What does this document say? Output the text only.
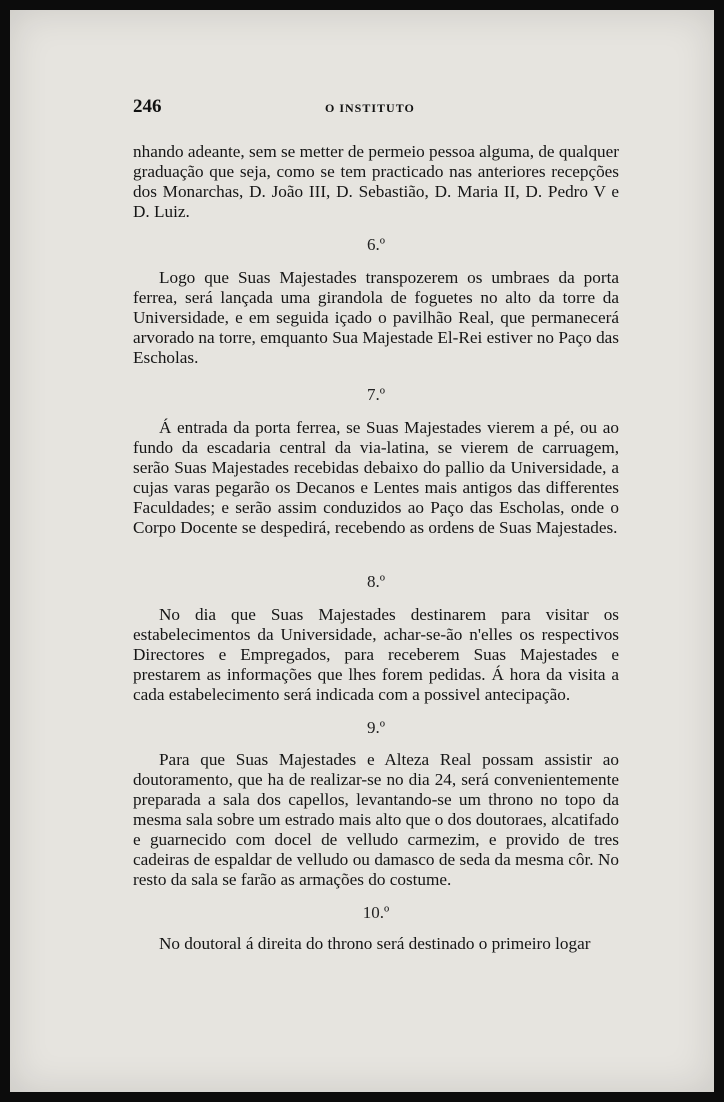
246	O INSTITUTO

nhando adeante, sem se metter de permeio pessoa alguma, de qualquer graduação que seja, como se tem practicado nas anteriores recepções dos Monarchas, D. João III, D. Sebastião, D. Maria II, D. Pedro V e D. Luiz.

6.º

Logo que Suas Majestades transpozerem os umbraes da porta ferrea, será lançada uma girandola de foguetes no alto da torre da Universidade, e em seguida içado o pavilhão Real, que permanecerá arvorado na torre, emquanto Sua Majestade El-Rei estiver no Paço das Escholas.

7.º

Á entrada da porta ferrea, se Suas Majestades vierem a pé, ou ao fundo da escadaria central da via-latina, se vierem de carruagem, serão Suas Majestades recebidas debaixo do pallio da Universidade, a cujas varas pegarão os Decanos e Lentes mais antigos das differentes Faculdades; e serão assim conduzidos ao Paço das Escholas, onde o Corpo Docente se despedirá, recebendo as ordens de Suas Majestades.

8.º

No dia que Suas Majestades destinarem para visitar os estabelecimentos da Universidade, achar-se-ão n'elles os respectivos Directores e Empregados, para receberem Suas Majestades e prestarem as informações que lhes forem pedidas. Á hora da visita a cada estabelecimento será indicada com a possivel antecipação.

9.º

Para que Suas Majestades e Alteza Real possam assistir ao doutoramento, que ha de realizar-se no dia 24, será convenientemente preparada a sala dos capellos, levantando-se um throno no topo da mesma sala sobre um estrado mais alto que o dos doutoraes, alcatifado e guarnecido com docel de velludo carmezim, e provido de tres cadeiras de espaldar de velludo ou damasco de seda da mesma côr. No resto da sala se farão as armações do costume.

10.º

No doutoral á direita do throno será destinado o primeiro logar
